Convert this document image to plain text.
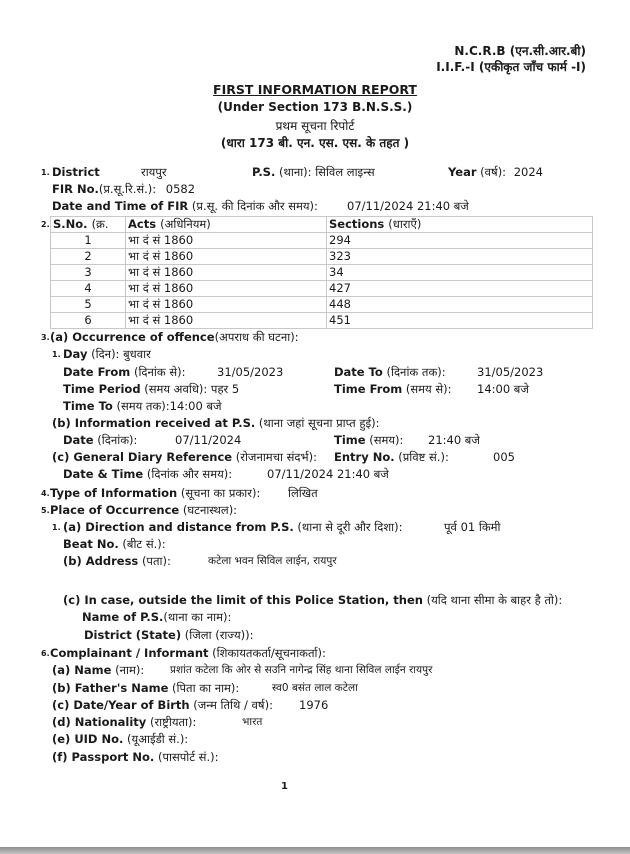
N.C.R.B (एन.सी.आर.बी)
I.I.F.-I (एकीकृत जाँच फार्म -I)
FIRST INFORMATION REPORT
(Under Section 173 B.N.S.S.)
प्रथम सूचना रिपोर्ट
(धारा 173 बी. एन. एस. एस. के तहत )
1. District	रायपुर	P.S. (थाना): सिविल लाइन्स	Year (वर्ष): 2024
FIR No.(प्र.सू.रि.सं.): 0582
Date and Time of FIR (प्र.सू. की दिनांक और समय):	07/11/2024 21:40 बजे
2. S.No. (क्र.	Acts (अधिनियम)	Sections (धाराएँ)
1	भा दं सं 1860	294
2	भा दं सं 1860	323
3	भा दं सं 1860	34
4	भा दं सं 1860	427
5	भा दं सं 1860	448
6	भा दं सं 1860	451
3. (a) Occurrence of offence(अपराध की घटना):
1. Day (दिन): बुधवार
Date From (दिनांक से):	31/05/2023	Date To (दिनांक तक):	31/05/2023
Time Period (समय अवधि): पहर 5	Time From (समय से): 14:00 बजे
Time To (समय तक):14:00 बजे
(b) Information received at P.S. (थाना जहां सूचना प्राप्त हुई):
Date (दिनांक):	07/11/2024	Time (समय): 21:40 बजे
(c) General Diary Reference (रोजनामचा संदर्भ): Entry No. (प्रविष्ट सं.):	005
Date & Time (दिनांक और समय):	07/11/2024 21:40 बजे
4. Type of Information (सूचना का प्रकार): लिखित
5. Place of Occurrence (घटनास्थल):
1. (a) Direction and distance from P.S. (थाना से दूरी और दिशा):	पूर्व 01 किमी
Beat No. (बीट सं.):
(b) Address (पता):	कटेला भवन सिविल लाईन, रायपुर
(c) In case, outside the limit of this Police Station, then (यदि थाना सीमा के बाहर है तो):
Name of P.S.(थाना का नाम):
District (State) (जिला (राज्य)):
6. Complainant / Informant (शिकायतकर्ता/सूचनाकर्ता):
(a) Name (नाम): प्रशांत कटेला कि ओर से सउनि नागेन्द्र सिंह थाना सिविल लाईन रायपुर
(b) Father's Name (पिता का नाम):	स्व0 बसंत लाल कटेला
(c) Date/Year of Birth (जन्म तिथि / वर्ष): 1976
(d) Nationality (राष्ट्रीयता):	भारत
(e) UID No. (यूआईडी सं.):
(f) Passport No. (पासपोर्ट सं.):
1
